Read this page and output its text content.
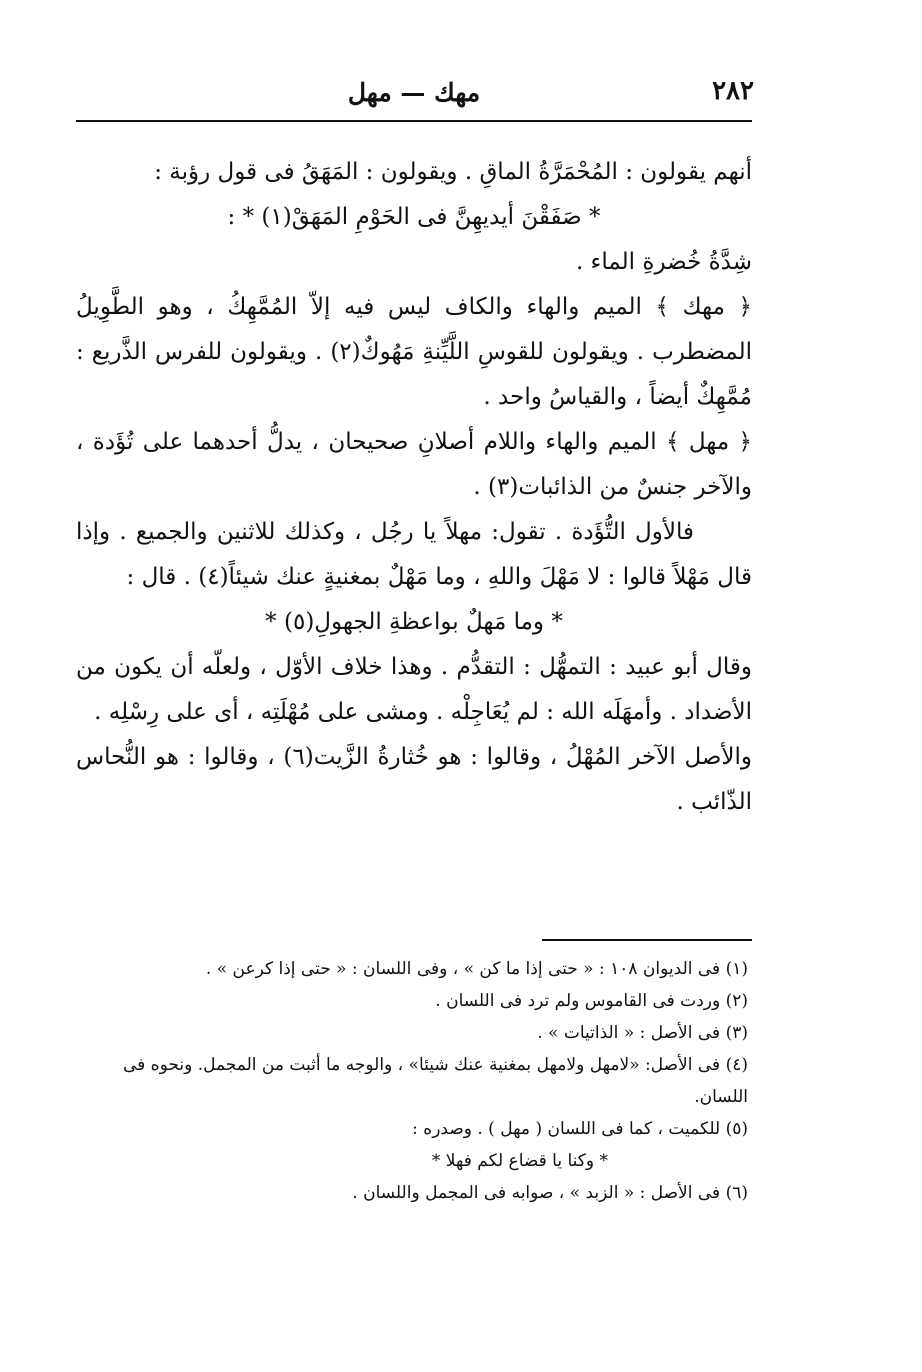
٢٨٢
مهك — مهل

أنهم يقولون : المُحْمَرَّةُ الماقِ . ويقولون : المَهَقُ فى قول رؤبة :

* صَفَقْنَ أيديهِنَّ فى الحَوْمِ المَهَقْ(١) * :

شِدَّةُ خُضرةِ الماء .

﴿ مهك ﴾ الميم والهاء والكاف ليس فيه إلاّ المُمَّهِكُ ، وهو الطَّوِيلُ المضطرب . ويقولون للقوسِ اللَّيِّنةِ مَهُوكٌ(٢) . ويقولون للفرس الذَّريع : مُمَّهِكٌ أيضاً ، والقياسُ واحد .

﴿ مهل ﴾ الميم والهاء واللام أصلانِ صحيحان ، يدلُّ أحدهما على تُؤَدة ، والآخر جنسٌ من الذائبات(٣) .

فالأول التُّؤَدة . تقول: مهلاً يا رجُل ، وكذلك للاثنين والجميع . وإذا قال مَهْلاً قالوا : لا مَهْلَ واللهِ ، وما مَهْلٌ بمغنيةٍ عنك شيئاً(٤) . قال :

* وما مَهلٌ بواعظةِ الجهولِ(٥) *

وقال أبو عبيد : التمهُّل : التقدُّم . وهذا خلاف الأوّل ، ولعلّه أن يكون من الأضداد . وأمهَلَه الله : لم يُعَاجِلْه . ومشى على مُهْلَتِه ، أى على رِسْلِه .

والأصل الآخر المُهْلُ ، وقالوا : هو خُثارةُ الزَّيت(٦) ، وقالوا : هو النُّحاس الذّائب .

(١) فى الديوان ١٠٨ : « حتى إذا ما كن » ، وفى اللسان : « حتى إذا كرعن » .

(٢) وردت فى القاموس ولم ترد فى اللسان .

(٣) فى الأصل : « الذاتيات » .

(٤) فى الأصل: «لامهل ولامهل بمغنية عنك شيئا» ، والوجه ما أثبت من المجمل. ونحوه فى اللسان.

(٥) للكميت ، كما فى اللسان ( مهل ) . وصدره :

* وكنا يا قضاع لكم فهلا *

(٦) فى الأصل : « الزبد » ، صوابه فى المجمل واللسان .
